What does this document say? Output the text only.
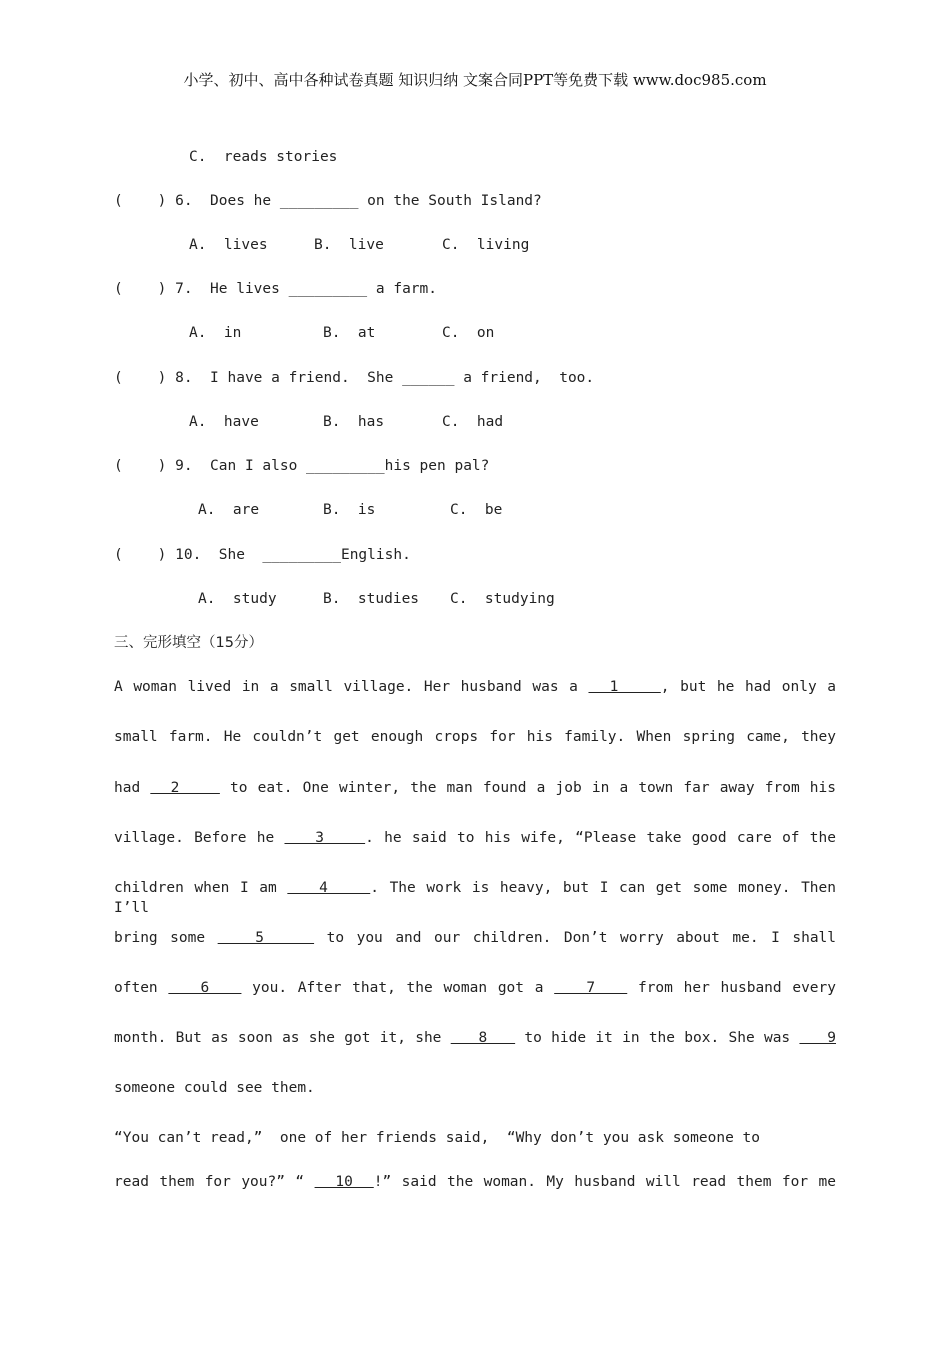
小学、初中、高中各种试卷真题 知识归纳 文案合同PPT等免费下载 www.doc985.com
C.  reads stories
(    ) 6.  Does he _________ on the South Island?
A.  lives	B.  live	C.  living
(    ) 7.  He lives _________ a farm.
A.  in	B.  at	C.  on
(    ) 8.  I have a friend.  She ______ a friend,  too.
A.  have	B.  has	C.  had
(    ) 9.  Can I also _________his pen pal?
A.  are	B.  is	C.  be
(    ) 10.  She  _________English.
A.  study	B.  studies C.  studying
三、完形填空（15分）
A woman lived in a small village. Her husband was a   1    , but he had only a
small farm. He couldn’t get enough crops for his family. When spring came, they
had   2     to eat. One winter, the man found a job in a town far away from his
village. Before he    3    . he said to his wife, “Please take good care of the
children when I am    4    . The work is heavy, but I can get some money. Then I’ll
bring some    5     to you and our children. Don’t worry about me. I shall
often    6    you. After that, the woman got a    7    from her husband every
month. But as soon as she got it, she    8    to hide it in the box. She was    9
someone could see them.
“You can’t read,”  one of her friends said,  “Why don’t you ask someone to
read them for you?” “   10  !” said the woman. My husband will read them for me
